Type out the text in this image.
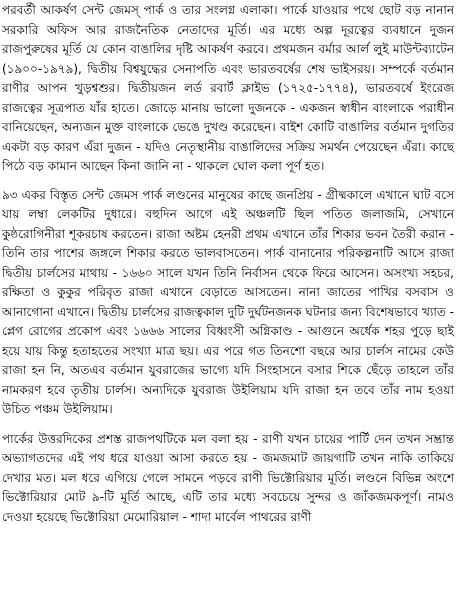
পরবর্তী আকর্ষণ সেন্ট জেমস্ পার্ক ও তার সংলগ্ন এলাকা। পার্কে যাওয়ার পথে ছোট বড় নানান সরকারি অফিস আর রাজনৈতিক নেতাদের মূর্তি। এর মধ্যে অল্প দূরত্বের ব্যবধানে দুজন রাজপুরুষের মূর্তি যে কোন বাঙালির দৃষ্টি আকর্ষণ করবে। প্রথমজন বর্মার আর্ল লুই মাউন্টব্যাটেন (১৯০০-১৯৭৯), দ্বিতীয় বিশ্বযুদ্ধের সেনাপতি এবং ভারতবর্ষের শেষ ভাইসরয়। সম্পর্কে বর্তমান রাণীর আপন খুড়শ্বশুর। দ্বিতীয়জন লর্ড রবার্ট ক্লাইভ (১৭২৫-১৭৭৪), ভারতবর্ষে ইংরেজ রাজত্বের সূত্রপাত যাঁর হাতে। জোড়ে মানায় ভালো দুজনকে - একজন স্বাধীন বাংলাকে পরাধীন বানিয়েছেন, অন্যজন মুক্ত বাংলাকে ভেঙে দুখণ্ড করেছেন। বাইশ কোটি বাঙালির বর্তমান দুগতির একটা বড় কারণ এঁরা দুজন - যদিও নেতৃস্থানীয় বাঙালিদের সক্রিয় সমর্থন পেয়েছেন এঁরা। কাছে পিঠে বড় কামান আছেন কিনা জানি না - থাকলে ঘোল কলা পূর্ণ হত।

৯৩ একর বিস্তৃত সেন্ট জেমস পার্ক লণ্ডনের মানুষের কাছে জনপ্রিয় - গ্রীষ্মকালে এখানে ঘাট বসে যায় লম্বা লেকটির দুধারে। বহুদিন আগে এই অঞ্চলটি ছিল পতিত জলাজমি, সেখানে কুষ্ঠরোগিনীরা শূকরচাষ করতেন। রাজা অষ্টম হেনরী প্রথম এখানে তাঁর শিকার ভবন তৈরী করান - তিনি তার পাশের জঙ্গলে শিকার করতে ভালবাসতেন। পার্ক বানানোর পরিকল্পনাটি আসে রাজা দ্বিতীয় চার্লসের মাথায় - ১৬৬০ সালে যখন তিনি নির্বাসন থেকে ফিরে আসেন। অসংখ্য সহচর, রক্ষিতা ও কুকুর পরিবৃত রাজা এখানে বেড়াতে আসতেন। নানা জাতের পাখির বসবাস ও আনাগোনা এখানে। দ্বিতীয় চার্লসের রাজত্বকাল দুটি দুর্ঘটনজনক ঘটনার জন্য বিশেষভাবে খ্যাত - প্লেগ রোগের প্রকোপ এবং ১৬৬৬ সালের বিধ্বংসী অগ্নিকাণ্ড - আগুনে অর্ধেক শহর পুড়ে ছাই হয়ে যায় কিন্তু হতাহতের সংখ্যা মাত্র ছয়। এর পরে গত তিনশো বছরে আর চার্লস নামের কেউ রাজা হন নি, অতএব বর্তমান যুবরাজের ভাগ্যে যদি সিংহাসনে বসার শিকে ছেঁড়ে তাহলে তাঁর নামকরণ হবে তৃতীয় চার্লস। অন্যদিকে যুবরাজ উইলিয়াম যদি রাজা হন তবে তাঁর নাম হওয়া উচিত পঞ্চম উইলিয়াম।

পার্কের উত্তরদিকের প্রশস্ত রাজপথটিকে মল বলা হয় - রাণী যখন চায়ের পার্টি দেন তখন সম্ভ্রান্ত অভ্যাগতদের এই পথ ধরে যাওয়া আসা করতে হয় - জমজমাট জায়গাটি তখন নাকি তাকিয়ে দেখার মত। মল ধরে এগিয়ে গেলে সামনে পড়বে রাণী ভিক্টোরিয়ার মূর্তি। লণ্ডনে বিভিন্ন অংশে ভিক্টোরিয়ার মোট ৯-টি মূর্তি আছে, এটি তার মধ্যে সবচেয়ে সুন্দর ও জাঁকজমকপূর্ণ। নামও দেওয়া হয়েছে ভিক্টোরিয়া মেমোরিয়াল - শাদা মার্বেল পাথরের রাণী
